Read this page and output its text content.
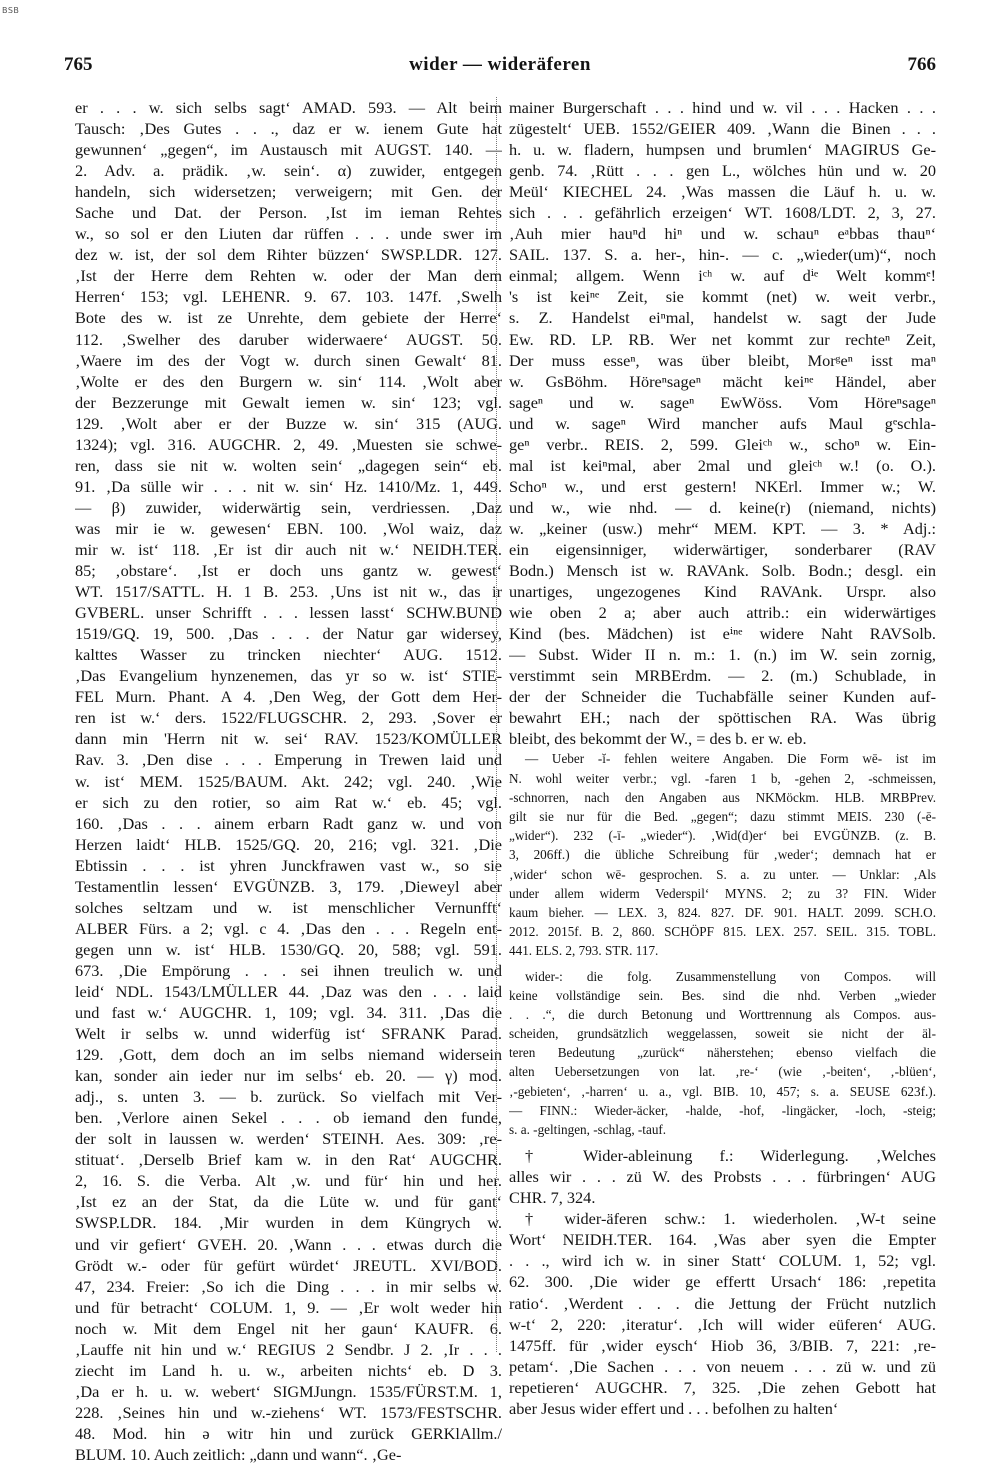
BSB
765	wider — wideräferen	766
er . . . w. sich selbs sagt‘ AMAD. 593. — Alt beim
Tausch: ‚Des Gutes . . ., daz er w. ienem Gute hat
gewunnen‘ „gegen“, im Austausch mit AUGST. 140. —
2. Adv. a. prädik. ‚w. sein‘. α) zuwider, entgegen
handeln, sich widersetzen; verweigern; mit Gen. der
Sache und Dat. der Person. ‚Ist im ieman Rehtes
w., so sol er den Liuten dar rüffen . . . unde swer im
dez w. ist, der sol dem Rihter büzzen‘ SWSP.LDR. 127.
‚Ist der Herre dem Rehten w. oder der Man dem
Herren‘ 153; vgl. LEHENR. 9. 67. 103. 147f. ‚Swelh
Bote des w. ist ze Unrehte, dem gebiete der Herre‘
112. ‚Swelher des daruber widerwaere‘ AUGST. 50.
‚Waere im des der Vogt w. durch sinen Gewalt‘ 81.
‚Wolte er des den Burgern w. sin‘ 114. ‚Wolt aber
der Bezzerunge mit Gewalt iemen w. sin‘ 123; vgl.
129. ‚Wolt aber er der Buzze w. sin‘ 315 (AUG.
1324); vgl. 316. AUGCHR. 2, 49. ‚Muesten sie schwe-
ren, dass sie nit w. wolten sein‘ „dagegen sein“ eb.
91. ‚Da sülle wir . . . nit w. sin‘ Hz. 1410/Mz. 1, 449.
— β) zuwider, widerwärtig sein, verdriessen. ‚Daz
was mir ie w. gewesen‘ EBN. 100. ‚Wol waiz, daz
mir w. ist‘ 118. ‚Er ist dir auch nit w.‘ NEIDH.TER.
85; ‚obstare‘. ‚Ist er doch uns gantz w. gewest‘
WT. 1517/SATTL. H. 1 B. 253. ‚Uns ist nit w., das ir
GVBERL. unser Schrifft . . . lessen lasst‘ SCHW.BUND
1519/GQ. 19, 500. ‚Das . . . der Natur gar widersey,
kalttes Wasser zu trincken niechter‘ AUG. 1512.
‚Das Evangelium hynzenemen, das yr so w. ist‘ STIE-
FEL Murn. Phant. A 4. ‚Den Weg, der Gott dem Her-
ren ist w.‘ ders. 1522/FLUGSCHR. 2, 293. ‚Sover er
dann min 'Herrn nit w. sei‘ RAV. 1523/KOMÜLLER
Rav. 3. ‚Den dise . . . Emperung in Trewen laid und
w. ist‘ MEM. 1525/BAUM. Akt. 242; vgl. 240. ‚Wie
er sich zu den rotier, so aim Rat w.‘ eb. 45; vgl.
160. ‚Das . . . ainem erbarn Radt ganz w. und von
Herzen laidt‘ HLB. 1525/GQ. 20, 216; vgl. 321. ‚Die
Ebtissin . . . ist yhren Junckfrawen vast w., so sie
Testamentlin lessen‘ EVGÜNZB. 3, 179. ‚Dieweyl aber
solches seltzam und w. ist menschlicher Vernunfft‘
ALBER Fürs. a 2; vgl. c 4. ‚Das den . . . Regeln ent-
gegen unn w. ist‘ HLB. 1530/GQ. 20, 588; vgl. 591.
673. ‚Die Empörung . . . sei ihnen treulich w. und
leid‘ NDL. 1543/LMÜLLER 44. ‚Daz was den . . . laid
und fast w.‘ AUGCHR. 1, 109; vgl. 34. 311. ‚Das die
Welt ir selbs w. unnd widerfüg ist‘ SFRANK Parad.
129. ‚Gott, dem doch an im selbs niemand widersein
kan, sonder ain ieder nur im selbs‘ eb. 20. — γ) mod.
adj., s. unten 3. — b. zurück. So vielfach mit Ver-
ben. ‚Verlore ainen Sekel . . . ob iemand den funde,
der solt in laussen w. werden‘ STEINH. Aes. 309: ‚re-
stituat‘. ‚Derselb Brief kam w. in den Rat‘ AUGCHR.
2, 16. S. die Verba. Alt ‚w. und für‘ hin und her.
‚Ist ez an der Stat, da die Lüte w. und für gant‘
SWSP.LDR. 184. ‚Mir wurden in dem Küngrych w.
und vir gefiert‘ GVEH. 20. ‚Wann . . . etwas durch die
Grödt w.- oder für gefürt würdet‘ JREUTL. XVI/BOD.
47, 234. Freier: ‚So ich die Ding . . . in mir selbs w.
und für betracht‘ COLUM. 1, 9. — ‚Er wolt weder hin
noch w. Mit dem Engel nit her gaun‘ KAUFR. 6.
‚Lauffe nit hin und w.‘ REGIUS 2 Sendbr. J 2. ‚Ir . . .
ziecht im Land h. u. w., arbeiten nichts‘ eb. D 3.
‚Da er h. u. w. webert‘ SIGMJungn. 1535/FÜRST.M. 1,
228. ‚Seines hin und w.-ziehens‘ WT. 1573/FESTSCHR.
48. Mod. hin ə witr hin und zurück GERKlAllm./
BLUM. 10. Auch zeitlich: „dann und wann“. ‚Ge-
mainer Burgerschaft . . . hind und w. vil . . . Hacken . . .
zügestelt‘ UEB. 1552/GEIER 409. ‚Wann die Binen . . .
h. u. w. fladern, humpsen und brumlen‘ MAGIRUS Ge-
genb. 74. ‚Rütt . . . gen L., wölches hün und w. 20
Meül‘ KIECHEL 24. ‚Was massen die Läuf h. u. w.
sich . . . gefährlich erzeigen‘ WT. 1608/LDT. 2, 3, 27.
‚Auh mier hauⁿd hiⁿ und w. schauⁿ eᵃbbas thauⁿ‘
SAIL. 137. S. a. her-, hin-. — c. „wieder(um)“, noch
einmal; allgem. Wenn iᶜʰ w. auf dⁱᵉ Welt kommᵉ!
's ist keiⁿᵉ Zeit, sie kommt (net) w. weit verbr.,
s. Z. Handelst eiⁿmal, handelst w. sagt der Jude
Ew. RD. LP. RB. Wer net kommt zur rechteⁿ Zeit,
Der muss esseⁿ, was über bleibt, Morᵍeⁿ isst maⁿ
w. GsBöhm. Höreⁿsageⁿ mächt keiⁿᵉ Händel, aber
sageⁿ und w. sageⁿ EwWöss. Vom Höreⁿsageⁿ
und w. sageⁿ Wird mancher aufs Maul gᵉschla-
geⁿ verbr.. REIS. 2, 599. Gleiᶜʰ w., schoⁿ w. Ein-
mal ist keiⁿmal, aber 2mal und gleiᶜʰ w.! (o. O.).
Schoⁿ w., und erst gestern! NKErl. Immer w.; W.
und w., wie nhd. — d. keine(r) (niemand, nichts)
w. „keiner (usw.) mehr“ MEM. KPT. — 3. * Adj.:
ein eigensinniger, widerwärtiger, sonderbarer (RAV
Bodn.) Mensch ist w. RAVAnk. Solb. Bodn.; desgl. ein
unartiges, ungezogenes Kind RAVAnk. Urspr. also
wie oben 2 a; aber auch attrib.: ein widerwärtiges
Kind (bes. Mädchen) ist eⁱⁿᵉ widere Naht RAVSolb.
— Subst. Wider II n. m.: 1. (n.) im W. sein zornig,
verstimmt sein MRBErdm. — 2. (m.) Schublade, in
der der Schneider die Tuchabfälle seiner Kunden auf-
bewahrt EH.; nach der spöttischen RA. Was übrig
bleibt, des bekommt der W., = des b. er w. eb.
— Ueber -ĭ- fehlen weitere Angaben. Die Form wē- ist im
N. wohl weiter verbr.; vgl. -faren 1 b, -gehen 2, -schmeissen,
-schnorren, nach den Angaben aus NKMöckm. HLB. MRBPrev.
gilt sie nur für die Bed. „gegen“; dazu stimmt MEIS. 230 (-ē-
„wider“). 232 (-ī- „wieder“). ‚Wid(d)er‘ bei EVGÜNZB. (z. B.
3, 206ff.) die übliche Schreibung für ‚weder‘; demnach hat er
‚wider‘ schon wē- gesprochen. S. a. zu unter. — Unklar: ‚Als
under allem widerm Vederspil‘ MYNS. 2; zu 3? FIN. Wider
kaum bieher. — LEX. 3, 824. 827. DF. 901. HALT. 2099. SCH.O.
2012. 2015f. B. 2, 860. SCHÖPF 815. LEX. 257. SEIL. 315. TOBL.
441. ELS. 2, 793. STR. 117.
wider-: die folg. Zusammenstellung von Compos. will
keine vollständige sein. Bes. sind die nhd. Verben „wieder
. . .“, die durch Betonung und Worttrennung als Compos. aus-
scheiden, grundsätzlich weggelassen, soweit sie nicht der äl-
teren Bedeutung „zurück“ näherstehen; ebenso vielfach die
alten Uebersetzungen von lat. ‚re-‘ (wie ‚-beiten‘, ‚-blüen‘,
‚-gebieten‘, ‚-harren‘ u. a., vgl. BIB. 10, 457; s. a. SEUSE 623f.).
— FINN.: Wieder-äcker, -halde, -hof, -lingäcker, -loch, -steig;
s. a. -geltingen, -schlag, -tauf.
† Wider-ableinung f.: Widerlegung. ‚Welches
alles wir . . . zü W. des Probsts . . . fürbringen‘ AUG
CHR. 7, 324.
† wider-äferen schw.: 1. wiederholen. ‚W-t seine
Wort‘ NEIDH.TER. 164. ‚Was aber syen die Empter
. . ., wird ich w. in siner Statt‘ COLUM. 1, 52; vgl.
62. 300. ‚Die wider ge effertt Ursach‘ 186: ‚repetita
ratio‘. ‚Werdent . . . die Jettung der Frücht nutzlich
w-t‘ 2, 220: ‚iteratur‘. ‚Ich will wider eüferen‘ AUG.
1475ff. für ‚wider eysch‘ Hiob 36, 3/BIB. 7, 221: ‚re-
petam‘. ‚Die Sachen . . . von neuem . . . zü w. und zü
repetieren‘ AUGCHR. 7, 325. ‚Die zehen Gebott hat
aber Jesus wider effert und . . . befolhen zu halten‘
